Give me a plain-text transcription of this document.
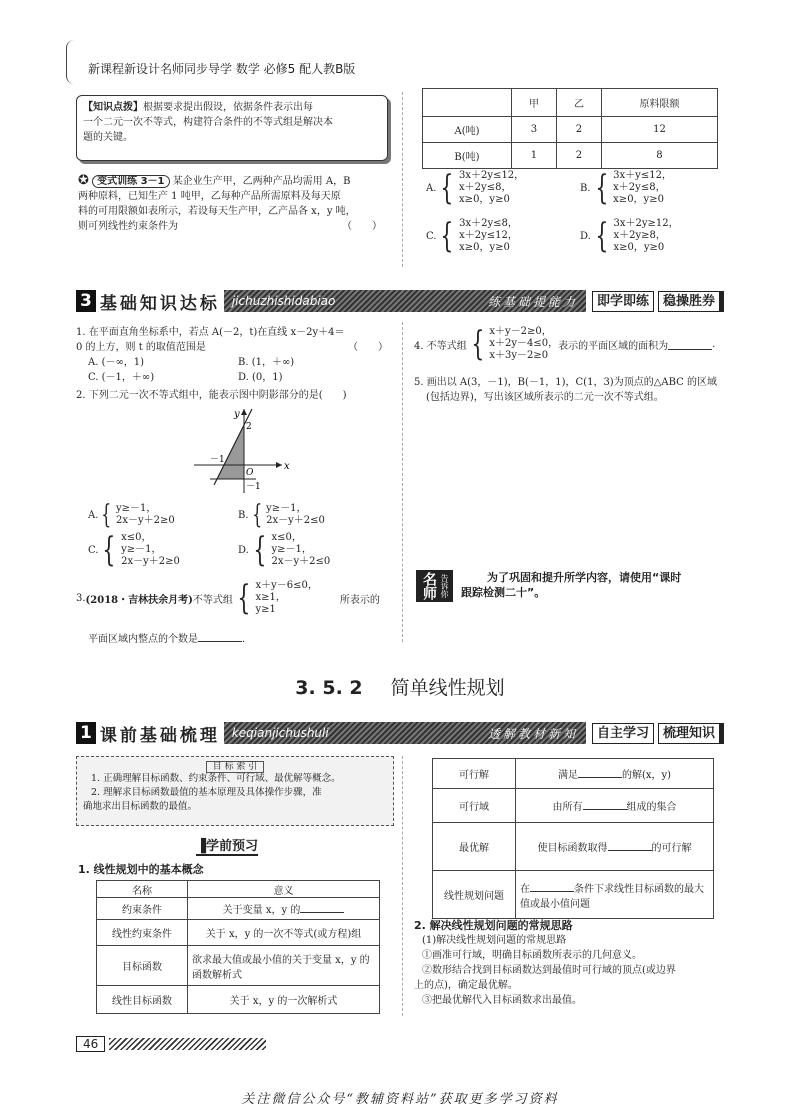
新课程新设计名师同步导学 数学 必修5 配人教B版
【知识点拨】根据要求提出假设，依据条件表示出每
一个二元一次不等式，构建符合条件的不等式组是解决本
题的关键。
✪ 变式训练 3－1 某企业生产甲，乙两种产品均需用 A，B
两种原料，已知生产 1 吨甲，乙每种产品所需原料及每天原
料的可用限额如表所示，若设每天生产甲，乙产品各 x，y 吨，
则可列线性约束条件为	（　　）
	甲	乙	原料限额
A(吨)	3	2	12
B(吨)	1	2	8
A. { 3x＋2y≤12，
x＋2y≤8，
x≥0，y≥0
B. { 3x＋y≤12，
x＋2y≤8，
x≥0，y≥0
C. { 3x＋2y≤8，
x＋2y≤12，
x≥0，y≥0
D. { 3x＋2y≥12，
x＋2y≥8，
x≥0，y≥0
3 基础知识达标 jichuzhishidabiao	练基础提能力	即学即练	稳操胜券
1. 在平面直角坐标系中，若点 A(－2，t)在直线 x－2y＋4＝
0 的上方，则 t 的取值范围是	（　　）
A. (－∞，1)	B. (1，＋∞)
C. (－1，＋∞)	D. (0，1)
2. 下列二元一次不等式组中，能表示图中阴影部分的是(　　)
y
x
O
2
－1
－1
A. { y≥－1，
2x－y＋2≥0	B. { y≥－1，
2x－y＋2≤0
C. { x≤0，
y≥－1，
2x－y＋2≥0
D. { x≤0，
y≥－1，
2x－y＋2≤0
3. (2018・吉林扶余月考) 不等式组 { x＋y－6≤0，
x≥1，
y≥1
所表示的
平面区域内整点的个数是	.
4. 不等式组 { x＋y－2≥0，
x＋2y－4≤0，
x＋3y－2≥0
表示的平面区域的面积为	.
5. 画出以 A(3，－1)，B(－1，1)，C(1，3)为顶点的△ABC 的区域
(包括边界)，写出该区域所表示的二元一次不等式组。
名师 告诉你	为了巩固和提升所学内容，请使用“课时
跟踪检测二十”。
3. 5. 2 简单线性规划
1 课前基础梳理 keqianjichushuli	透解教材新知	自主学习	梳理知识
目 标 索 引
1. 正确理解目标函数、约束条件、可行域、最优解等概念。
2. 理解求目标函数最值的基本原理及具体操作步骤，准
确地求出目标函数的最值。
▐学前预习
1. 线性规划中的基本概念
名称	意义
约束条件	关于变量 x，y 的
线性约束条件	关于 x，y 的一次不等式(或方程)组
目标函数	欲求最大值或最小值的关于变量 x，y 的函数解析式
线性目标函数	关于 x，y 的一次解析式
可行解	满足 的解(x，y)
可行域	由所有 组成的集合
最优解	使目标函数取得 的可行解
线性规划问题	在 条件下求线性目标函数的最大值或最小值问题
2. 解决线性规划问题的常规思路
(1)解决线性规划问题的常规思路
①画准可行域，明确目标函数所表示的几何意义。
②数形结合找到目标函数达到最值时可行域的顶点(或边界
上的点)，确定最优解。
③把最优解代入目标函数求出最值。
46
关注微信公众号“教辅资料站”获取更多学习资料
